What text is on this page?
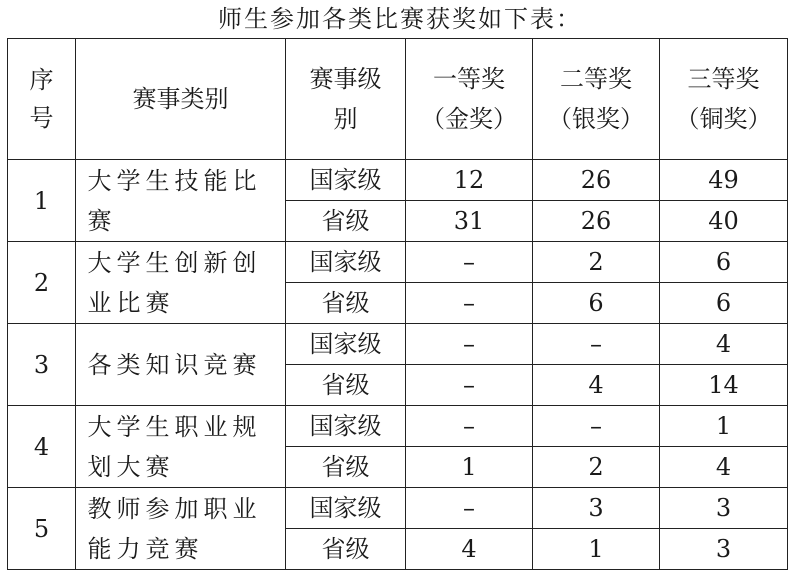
师生参加各类比赛获奖如下表：
序号	赛事类别	赛事级别	一等奖（金奖）	二等奖（银奖）	三等奖（铜奖）
1	大学生技能比赛	国家级	12	26	49
		省级	31	26	40
2	大学生创新创业比赛	国家级	–	2	6
		省级	–	6	6
3	各类知识竞赛	国家级	–	–	4
		省级	–	4	14
4	大学生职业规划大赛	国家级	–	–	1
		省级	1	2	4
5	教师参加职业能力竞赛	国家级	–	3	3
		省级	4	1	3
